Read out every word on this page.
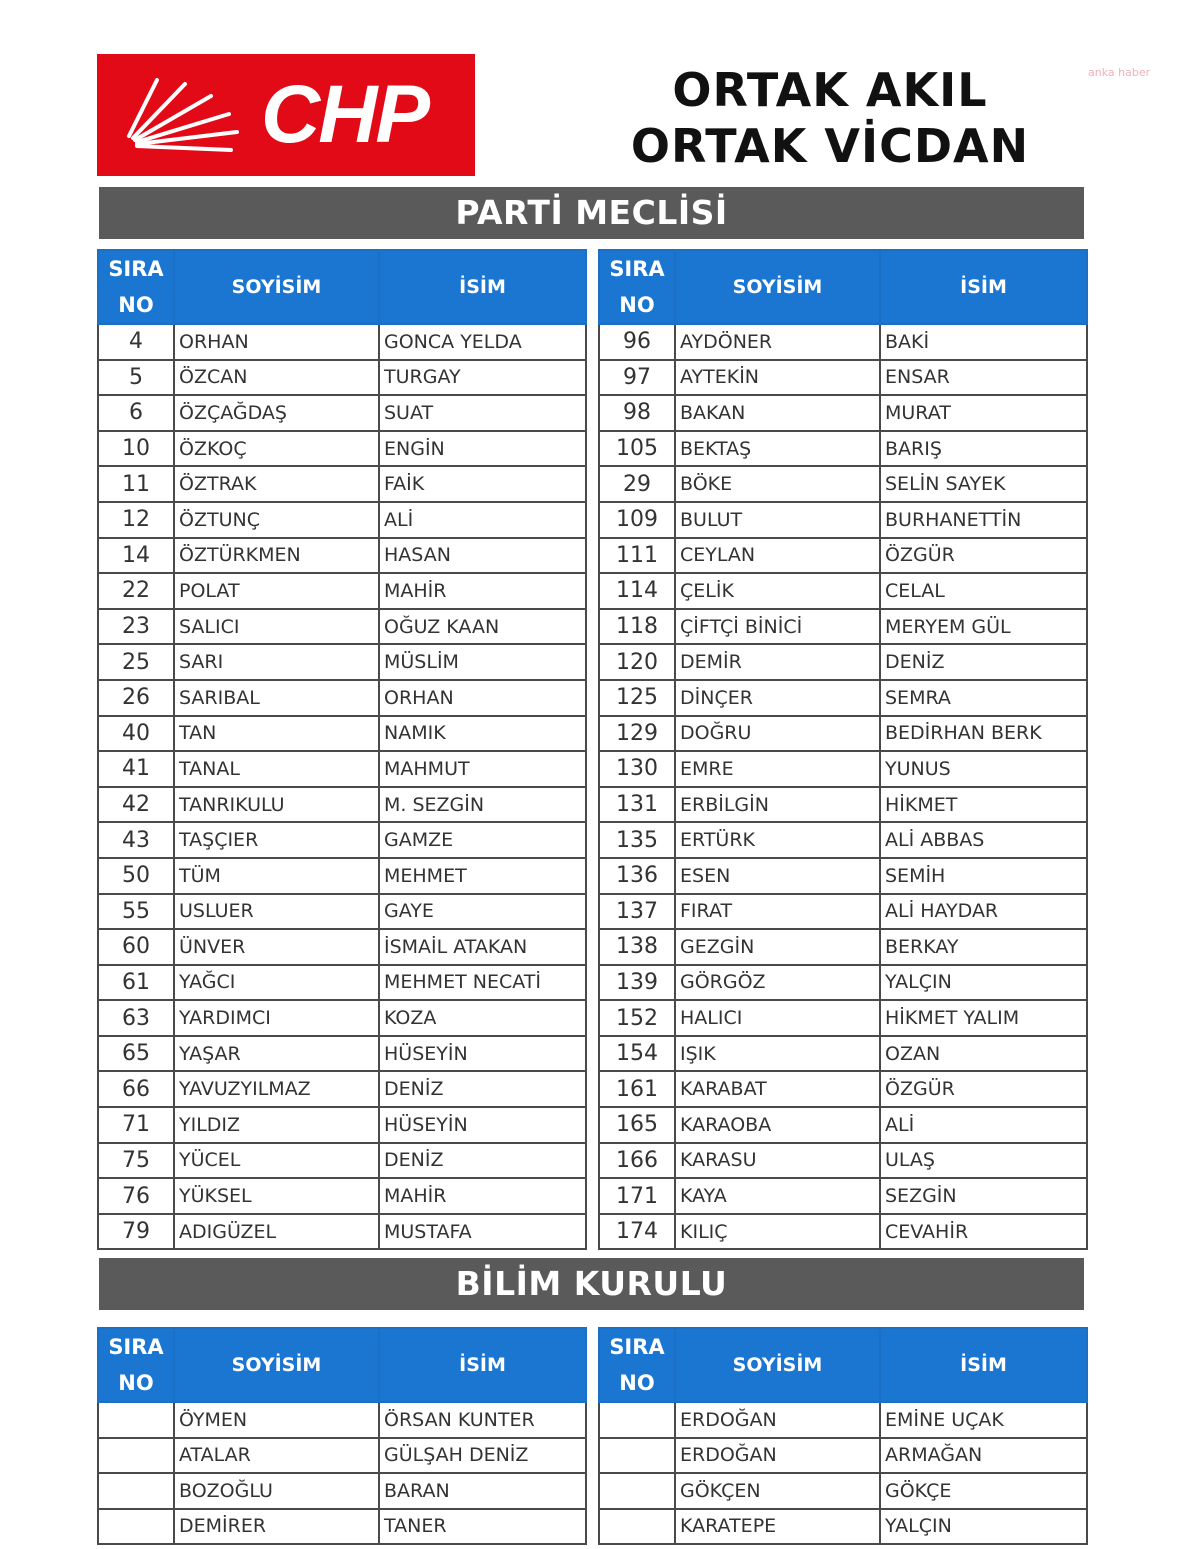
CHP	ORTAK AKIL
ORTAK VİCDAN
anka haber
PARTİ MECLİSİ
SIRA
NO	SOYİSİM	İSİM
4	ORHAN	GONCA YELDA
5	ÖZCAN	TURGAY
6	ÖZÇAĞDAŞ	SUAT
10	ÖZKOÇ	ENGİN
11	ÖZTRAK	FAİK
12	ÖZTUNÇ	ALİ
14	ÖZTÜRKMEN	HASAN
22	POLAT	MAHİR
23	SALICI	OĞUZ KAAN
25	SARI	MÜSLİM
26	SARIBAL	ORHAN
40	TAN	NAMIK
41	TANAL	MAHMUT
42	TANRIKULU	M. SEZGİN
43	TAŞÇIER	GAMZE
50	TÜM	MEHMET
55	USLUER	GAYE
60	ÜNVER	İSMAİL ATAKAN
61	YAĞCI	MEHMET NECATİ
63	YARDIMCI	KOZA
65	YAŞAR	HÜSEYİN
66	YAVUZYILMAZ	DENİZ
71	YILDIZ	HÜSEYİN
75	YÜCEL	DENİZ
76	YÜKSEL	MAHİR
79	ADIGÜZEL	MUSTAFA
SIRA
NO	SOYİSİM	İSİM
96	AYDÖNER	BAKİ
97	AYTEKİN	ENSAR
98	BAKAN	MURAT
105	BEKTAŞ	BARIŞ
29	BÖKE	SELİN SAYEK
109	BULUT	BURHANETTİN
111	CEYLAN	ÖZGÜR
114	ÇELİK	CELAL
118	ÇİFTÇİ BİNİCİ	MERYEM GÜL
120	DEMİR	DENİZ
125	DİNÇER	SEMRA
129	DOĞRU	BEDİRHAN BERK
130	EMRE	YUNUS
131	ERBİLGİN	HİKMET
135	ERTÜRK	ALİ ABBAS
136	ESEN	SEMİH
137	FIRAT	ALİ HAYDAR
138	GEZGİN	BERKAY
139	GÖRGÖZ	YALÇIN
152	HALICI	HİKMET YALIM
154	IŞIK	OZAN
161	KARABAT	ÖZGÜR
165	KARAOBA	ALİ
166	KARASU	ULAŞ
171	KAYA	SEZGİN
174	KILIÇ	CEVAHİR
BİLİM KURULU
SIRA
NO	SOYİSİM	İSİM
	ÖYMEN	ÖRSAN KUNTER
	ATALAR	GÜLŞAH DENİZ
	BOZOĞLU	BARAN
	DEMİRER	TANER
SIRA
NO	SOYİSİM	İSİM
	ERDOĞAN	EMİNE UÇAK
	ERDOĞAN	ARMAĞAN
	GÖKÇEN	GÖKÇE
	KARATEPE	YALÇIN
